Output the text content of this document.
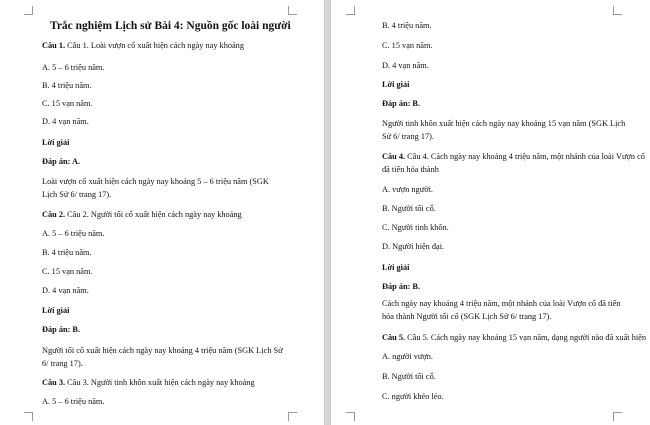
Trắc nghiệm Lịch sử Bài 4: Nguồn gốc loài người
Câu 1. Câu 1. Loài vượn cổ xuất hiện cách ngày nay khoảng
A. 5 – 6 triệu năm.
B. 4 triệu năm.
C. 15 vạn năm.
D. 4 vạn năm.
Lời giải
Đáp án: A.
Loài vượn cổ xuất hiện cách ngày nay khoảng 5 – 6 triệu năm (SGK
Lịch Sử 6/ trang 17).
Câu 2. Câu 2. Người tối cổ xuất hiện cách ngày nay khoảng
A. 5 – 6 triệu năm.
B. 4 triệu năm.
C. 15 vạn năm.
D. 4 vạn năm.
Lời giải
Đáp án: B.
Người tối cổ xuất hiện cách ngày nay khoảng 4 triệu năm (SGK Lịch Sử
6/ trang 17).
Câu 3. Câu 3. Người tinh khôn xuất hiện cách ngày nay khoảng
A. 5 – 6 triệu năm.
B. 4 triệu năm.
C. 15 vạn năm.
D. 4 vạn năm.
Lời giải
Đáp án: B.
Người tinh khôn xuất hiện cách ngày nay khoảng 15 vạn năm (SGK Lịch
Sử 6/ trang 17).
Câu 4. Câu 4. Cách ngày nay khoảng 4 triệu năm, một nhánh của loài Vượn cổ
đã tiến hóa thành
A. vượn người.
B. Người tối cổ.
C. Người tinh khôn.
D. Người hiện đại.
Lời giải
Đáp án: B.
Cách ngày nay khoảng 4 triệu năm, một nhánh của loài Vượn cổ đã tiến
hóa thành Người tối cổ (SGK Lịch Sử 6/ trang 17).
Câu 5. Câu 5. Cách ngày nay khoảng 15 vạn năm, dạng người nào đã xuất hiện
A. người vượn.
B. Người tối cổ.
C. người khéo léo.
